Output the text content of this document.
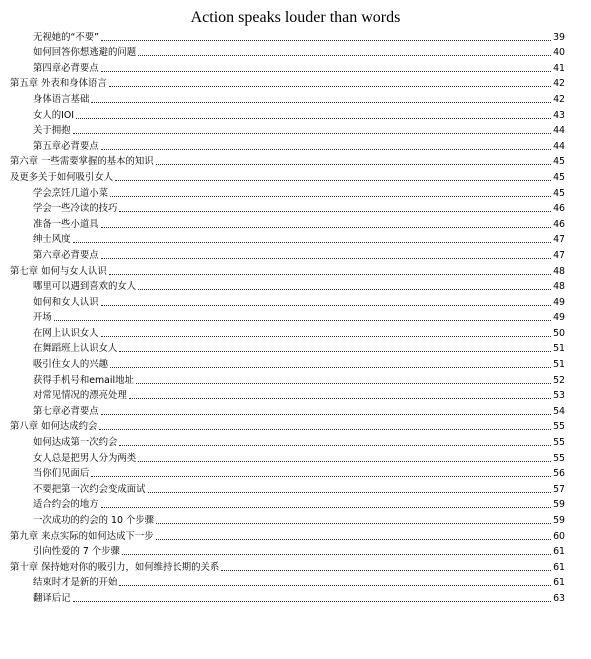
Action speaks louder than words
无视她的“不要”	39
如何回答你想逃避的问题	40
第四章必背要点	41
第五章 外表和身体语言	42
身体语言基础	42
女人的IOI	43
关于拥抱	44
第五章必背要点	44
第六章 一些需要掌握的基本的知识	45
及更多关于如何吸引女人	45
学会烹饪几道小菜	45
学会一些冷读的技巧	46
准备一些小道具	46
绅士风度	47
第六章必背要点	47
第七章 如何与女人认识	48
哪里可以遇到喜欢的女人	48
如何和女人认识	49
开场	49
在网上认识女人	50
在舞蹈班上认识女人	51
吸引住女人的兴趣	51
获得手机号和email地址	52
对常见情况的漂亮处理	53
第七章必背要点	54
第八章 如何达成约会	55
如何达成第一次约会	55
女人总是把男人分为两类	55
当你们见面后	56
不要把第一次约会变成面试	57
适合约会的地方	59
一次成功的约会的 10 个步骤	59
第九章 来点实际的如何达成下一步	60
引向性爱的 7 个步骤	61
第十章 保持她对你的吸引力，如何维持长期的关系	61
结束时才是新的开始	61
翻译后记	63
